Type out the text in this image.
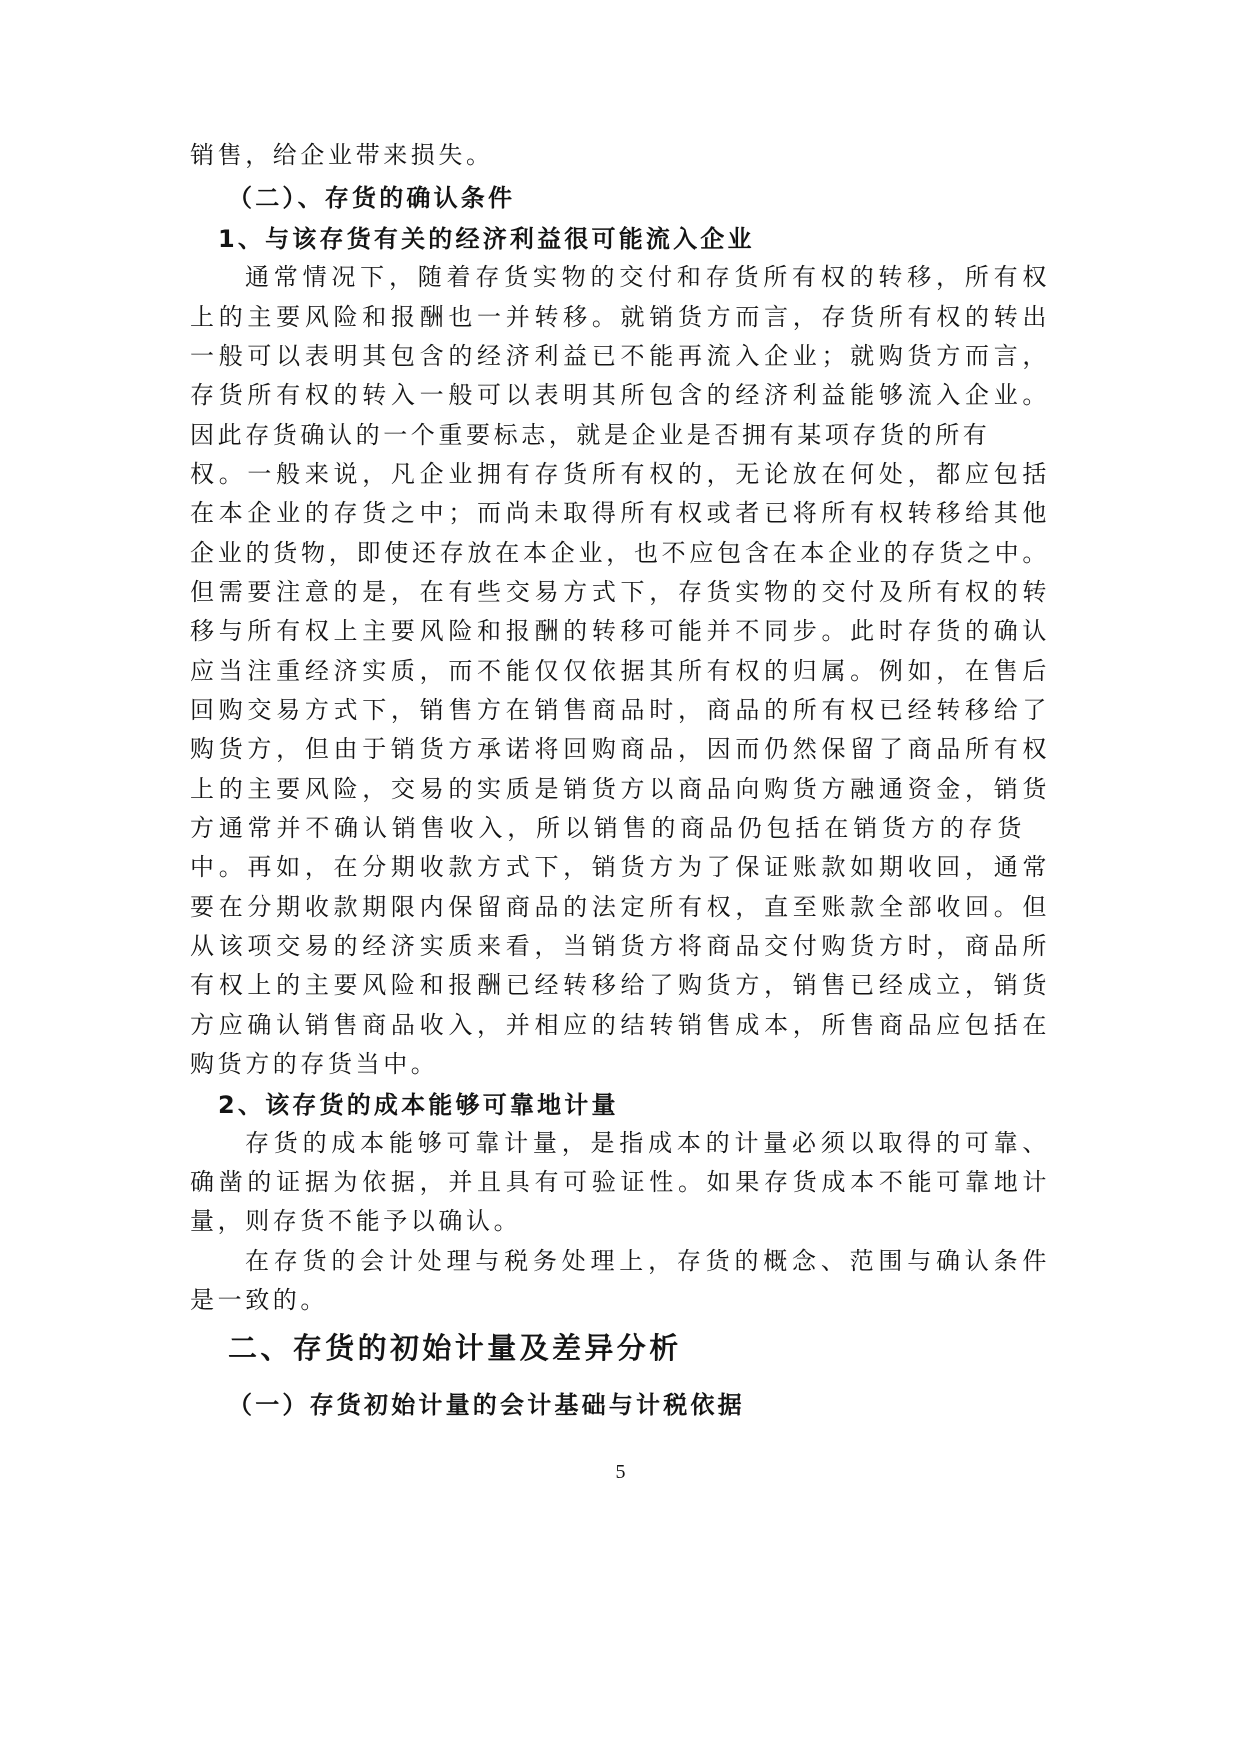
销售，给企业带来损失。
（二）、存货的确认条件
1、与该存货有关的经济利益很可能流入企业
通常情况下，随着存货实物的交付和存货所有权的转移，所有权
上的主要风险和报酬也一并转移。就销货方而言，存货所有权的转出
一般可以表明其包含的经济利益已不能再流入企业；就购货方而言，
存货所有权的转入一般可以表明其所包含的经济利益能够流入企业。
因此存货确认的一个重要标志，就是企业是否拥有某项存货的所有
权。一般来说，凡企业拥有存货所有权的，无论放在何处，都应包括
在本企业的存货之中；而尚未取得所有权或者已将所有权转移给其他
企业的货物，即使还存放在本企业，也不应包含在本企业的存货之中。
但需要注意的是，在有些交易方式下，存货实物的交付及所有权的转
移与所有权上主要风险和报酬的转移可能并不同步。此时存货的确认
应当注重经济实质，而不能仅仅依据其所有权的归属。例如，在售后
回购交易方式下，销售方在销售商品时，商品的所有权已经转移给了
购货方，但由于销货方承诺将回购商品，因而仍然保留了商品所有权
上的主要风险，交易的实质是销货方以商品向购货方融通资金，销货
方通常并不确认销售收入，所以销售的商品仍包括在销货方的存货
中。再如，在分期收款方式下，销货方为了保证账款如期收回，通常
要在分期收款期限内保留商品的法定所有权，直至账款全部收回。但
从该项交易的经济实质来看，当销货方将商品交付购货方时，商品所
有权上的主要风险和报酬已经转移给了购货方，销售已经成立，销货
方应确认销售商品收入，并相应的结转销售成本，所售商品应包括在
购货方的存货当中。
2、该存货的成本能够可靠地计量
存货的成本能够可靠计量，是指成本的计量必须以取得的可靠、
确凿的证据为依据，并且具有可验证性。如果存货成本不能可靠地计
量，则存货不能予以确认。
在存货的会计处理与税务处理上，存货的概念、范围与确认条件
是一致的。
二、存货的初始计量及差异分析
（一）存货初始计量的会计基础与计税依据
5
